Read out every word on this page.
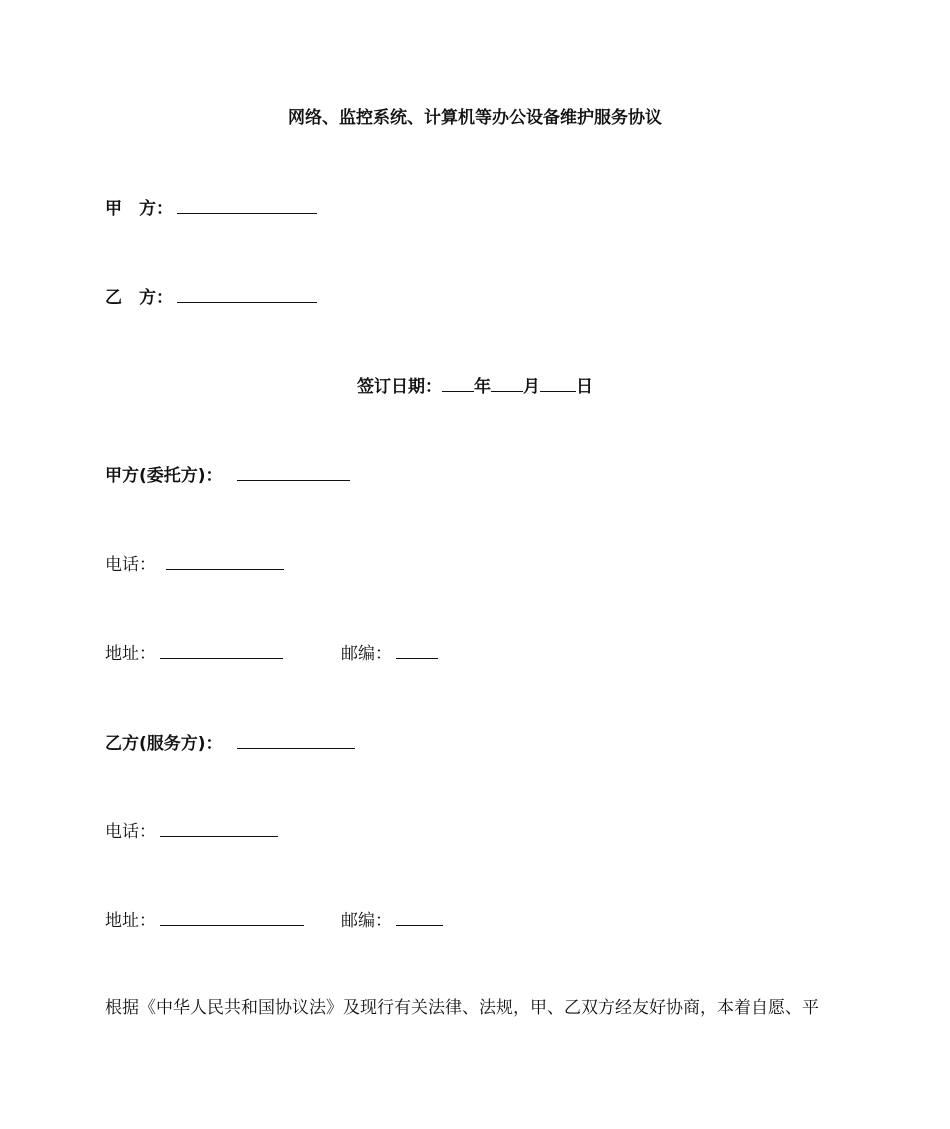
网络、监控系统、计算机等办公设备维护服务协议
甲　方：
乙　方：
签订日期： 年 月 日
甲方(委托方)：
电话：
地址：	邮编：
乙方(服务方)：
电话：
地址：	邮编：
根据《中华人民共和国协议法》及现行有关法律、法规，甲、乙双方经友好协商，本着自愿、平
